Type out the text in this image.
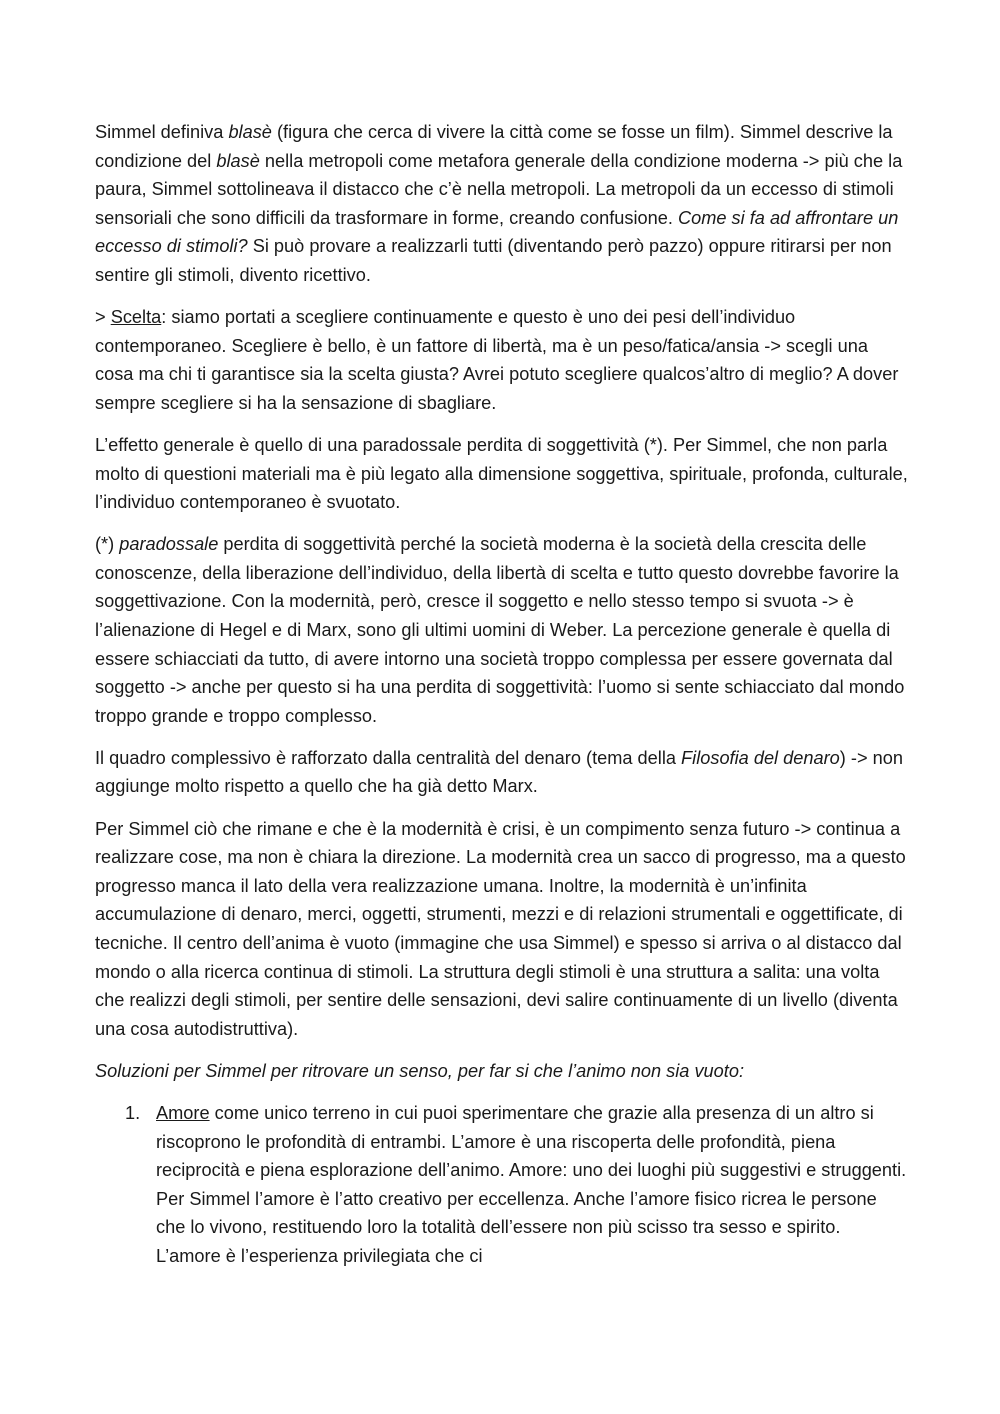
Simmel definiva blasè (figura che cerca di vivere la città come se fosse un film). Simmel descrive la condizione del blasè nella metropoli come metafora generale della condizione moderna -> più che la paura, Simmel sottolineava il distacco che c’è nella metropoli. La metropoli da un eccesso di stimoli sensoriali che sono difficili da trasformare in forme, creando confusione. Come si fa ad affrontare un eccesso di stimoli? Si può provare a realizzarli tutti (diventando però pazzo) oppure ritirarsi per non sentire gli stimoli, divento ricettivo.

> Scelta: siamo portati a scegliere continuamente e questo è uno dei pesi dell’individuo contemporaneo. Scegliere è bello, è un fattore di libertà, ma è un peso/fatica/ansia -> scegli una cosa ma chi ti garantisce sia la scelta giusta? Avrei potuto scegliere qualcos’altro di meglio? A dover sempre scegliere si ha la sensazione di sbagliare.

L’effetto generale è quello di una paradossale perdita di soggettività (*). Per Simmel, che non parla molto di questioni materiali ma è più legato alla dimensione soggettiva, spirituale, profonda, culturale, l’individuo contemporaneo è svuotato.

(*) paradossale perdita di soggettività perché la società moderna è la società della crescita delle conoscenze, della liberazione dell’individuo, della libertà di scelta e tutto questo dovrebbe favorire la soggettivazione. Con la modernità, però, cresce il soggetto e nello stesso tempo si svuota -> è l’alienazione di Hegel e di Marx, sono gli ultimi uomini di Weber. La percezione generale è quella di essere schiacciati da tutto, di avere intorno una società troppo complessa per essere governata dal soggetto -> anche per questo si ha una perdita di soggettività: l’uomo si sente schiacciato dal mondo troppo grande e troppo complesso.

Il quadro complessivo è rafforzato dalla centralità del denaro (tema della Filosofia del denaro) -> non aggiunge molto rispetto a quello che ha già detto Marx.

Per Simmel ciò che rimane e che è la modernità è crisi, è un compimento senza futuro -> continua a realizzare cose, ma non è chiara la direzione. La modernità crea un sacco di progresso, ma a questo progresso manca il lato della vera realizzazione umana. Inoltre, la modernità è un’infinita accumulazione di denaro, merci, oggetti, strumenti, mezzi e di relazioni strumentali e oggettificate, di tecniche. Il centro dell’anima è vuoto (immagine che usa Simmel) e spesso si arriva o al distacco dal mondo o alla ricerca continua di stimoli. La struttura degli stimoli è una struttura a salita: una volta che realizzi degli stimoli, per sentire delle sensazioni, devi salire continuamente di un livello (diventa una cosa autodistruttiva).

Soluzioni per Simmel per ritrovare un senso, per far si che l’animo non sia vuoto:

1. Amore come unico terreno in cui puoi sperimentare che grazie alla presenza di un altro si riscoprono le profondità di entrambi. L’amore è una riscoperta delle profondità, piena reciprocità e piena esplorazione dell’animo. Amore: uno dei luoghi più suggestivi e struggenti. Per Simmel l’amore è l’atto creativo per eccellenza. Anche l’amore fisico ricrea le persone che lo vivono, restituendo loro la totalità dell’essere non più scisso tra sesso e spirito. L’amore è l’esperienza privilegiata che ci
